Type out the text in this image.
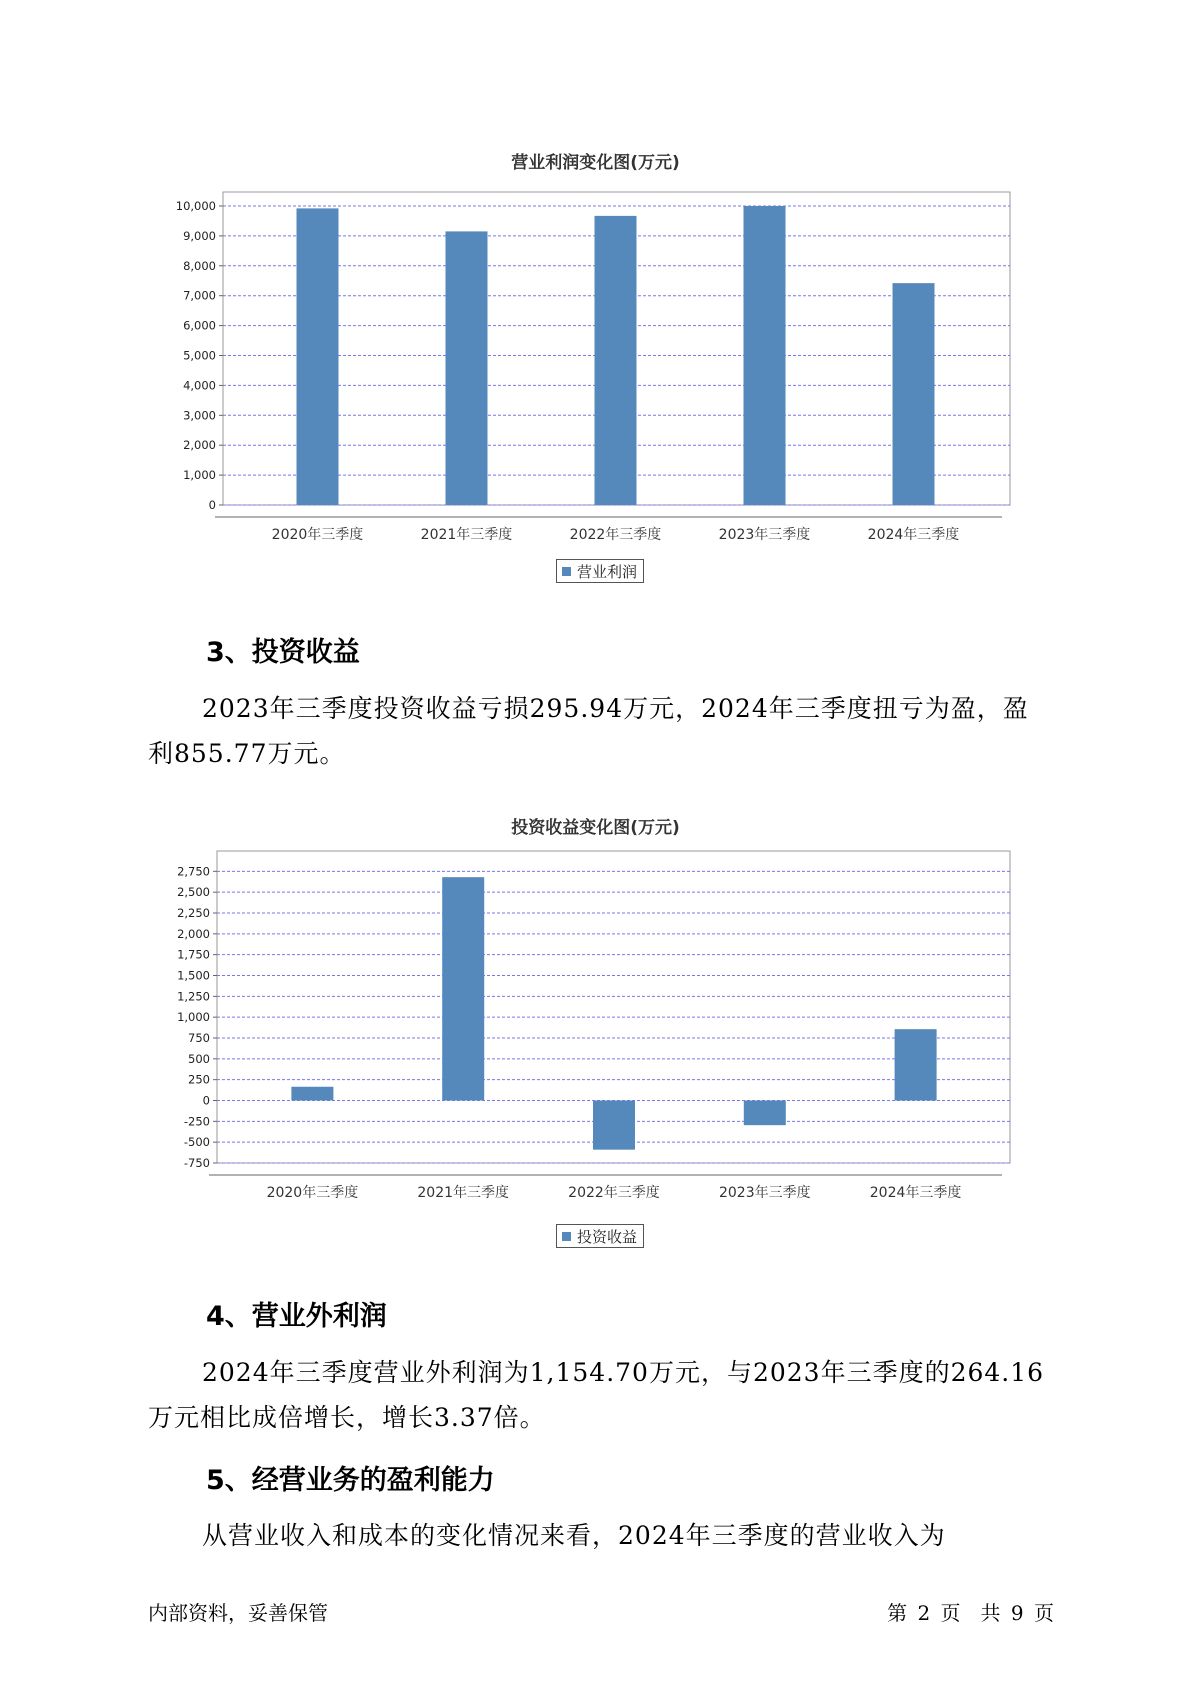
营业利润变化图(万元)
0
1,000
2,000
3,000
4,000
5,000
6,000
7,000
8,000
9,000
10,000
2020年三季度	2021年三季度	2022年三季度	2023年三季度	2024年三季度
营业利润
3、投资收益

2023年三季度投资收益亏损295.94万元，2024年三季度扭亏为盈，盈利855.77万元。

投资收益变化图(万元)
-750
-500
-250
0
250
500
750
1,000
1,250
1,500
1,750
2,000
2,250
2,500
2,750
2020年三季度	2021年三季度	2022年三季度	2023年三季度	2024年三季度
投资收益
4、营业外利润

2024年三季度营业外利润为1,154.70万元，与2023年三季度的264.16万元相比成倍增长，增长3.37倍。

5、经营业务的盈利能力

从营业收入和成本的变化情况来看，2024年三季度的营业收入为

内部资料，妥善保管	第 2 页　共 9 页
